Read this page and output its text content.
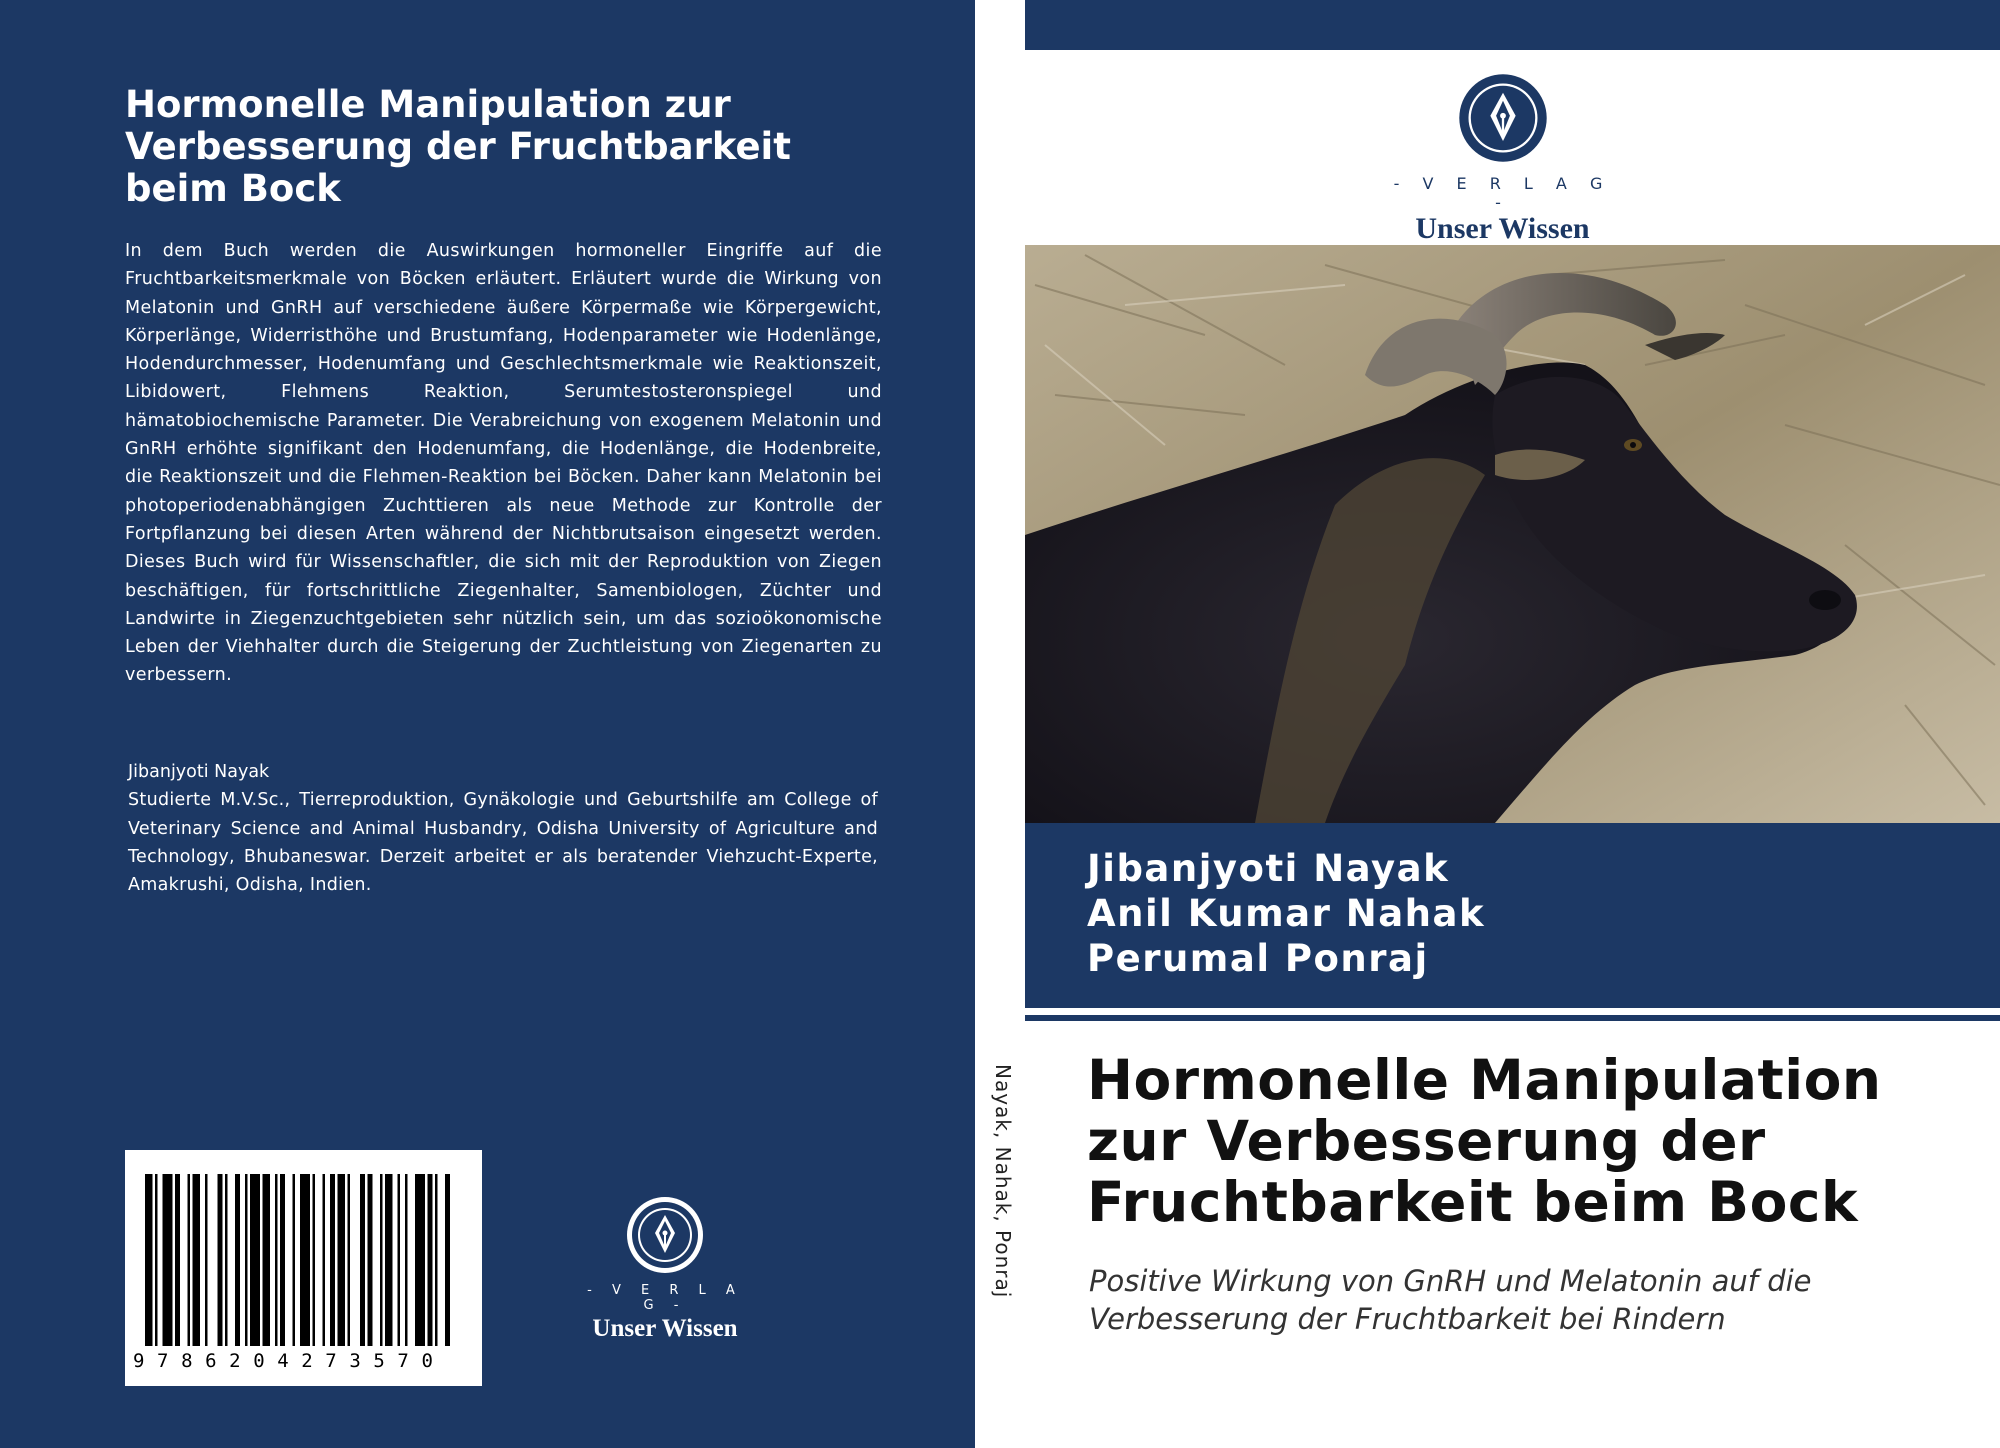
Hormonelle Manipulation zur Verbesserung der Fruchtbarkeit beim Bock

In dem Buch werden die Auswirkungen hormoneller Eingriffe auf die Fruchtbarkeitsmerkmale von Böcken erläutert. Erläutert wurde die Wirkung von Melatonin und GnRH auf verschiedene äußere Körpermaße wie Körpergewicht, Körperlänge, Widerristhöhe und Brustumfang, Hodenparameter wie Hodenlänge, Hodendurchmesser, Hodenumfang und Geschlechtsmerkmale wie Reaktionszeit, Libidowert, Flehmens Reaktion, Serumtestosteronspiegel und hämatobiochemische Parameter. Die Verabreichung von exogenem Melatonin und GnRH erhöhte signifikant den Hodenumfang, die Hodenlänge, die Hodenbreite, die Reaktionszeit und die Flehmen-Reaktion bei Böcken. Daher kann Melatonin bei photoperiodenabhängigen Zuchttieren als neue Methode zur Kontrolle der Fortpflanzung bei diesen Arten während der Nichtbrutsaison eingesetzt werden. Dieses Buch wird für Wissenschaftler, die sich mit der Reproduktion von Ziegen beschäftigen, für fortschrittliche Ziegenhalter, Samenbiologen, Züchter und Landwirte in Ziegenzuchtgebieten sehr nützlich sein, um das sozioökonomische Leben der Viehhalter durch die Steigerung der Zuchtleistung von Ziegenarten zu verbessern.

Jibanjyoti Nayak
Studierte M.V.Sc., Tierreproduktion, Gynäkologie und Geburtshilfe am College of Veterinary Science and Animal Husbandry, Odisha University of Agriculture and Technology, Bhubaneswar. Derzeit arbeitet er als beratender Viehzucht-Experte, Amakrushi, Odisha, Indien.
9786204273570
- V E R L A G -
Unser Wissen
Nayak, Nahak, Ponraj
- V E R L A G -
Unser Wissen
Jibanjyoti Nayak
Anil Kumar Nahak
Perumal Ponraj
Hormonelle Manipulation zur Verbesserung der Fruchtbarkeit beim Bock

Positive Wirkung von GnRH und Melatonin auf die Verbesserung der Fruchtbarkeit bei Rindern
